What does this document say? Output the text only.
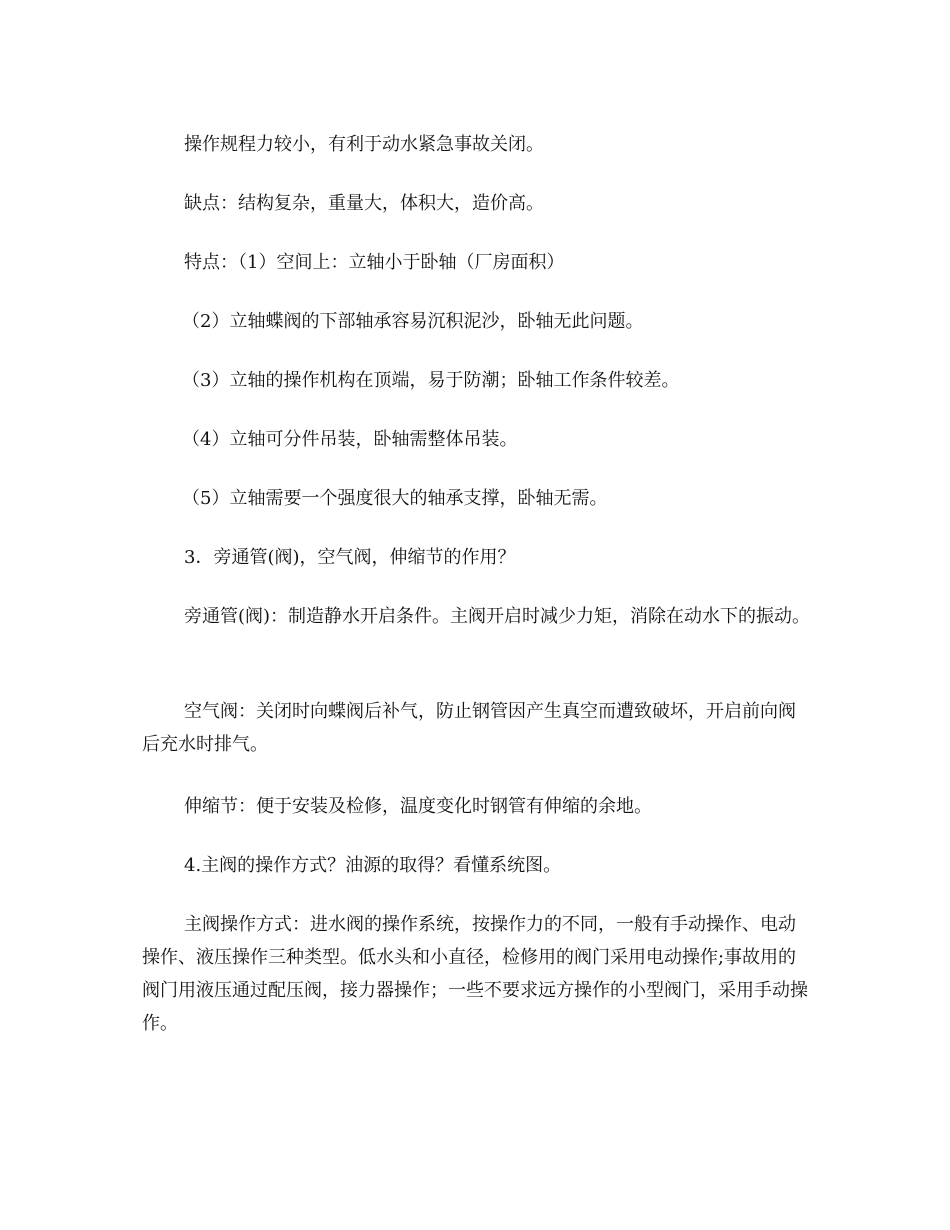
操作规程力较小，有利于动水紧急事故关闭。

缺点：结构复杂，重量大，体积大，造价高。

特点：（1）空间上：立轴小于卧轴（厂房面积）

（2）立轴蝶阀的下部轴承容易沉积泥沙，卧轴无此问题。

（3）立轴的操作机构在顶端，易于防潮；卧轴工作条件较差。

（4）立轴可分件吊装，卧轴需整体吊装。

（5）立轴需要一个强度很大的轴承支撑，卧轴无需。

3．旁通管(阀)，空气阀，伸缩节的作用？

旁通管(阀)：制造静水开启条件。主阀开启时减少力矩，消除在动水下的振动。

空气阀：关闭时向蝶阀后补气，防止钢管因产生真空而遭致破坏，开启前向阀后充水时排气。

伸缩节：便于安装及检修，温度变化时钢管有伸缩的余地。

4.主阀的操作方式？油源的取得？看懂系统图。

主阀操作方式：进水阀的操作系统，按操作力的不同，一般有手动操作、电动操作、液压操作三种类型。低水头和小直径，检修用的阀门采用电动操作;事故用的阀门用液压通过配压阀，接力器操作；一些不要求远方操作的小型阀门，采用手动操作。
